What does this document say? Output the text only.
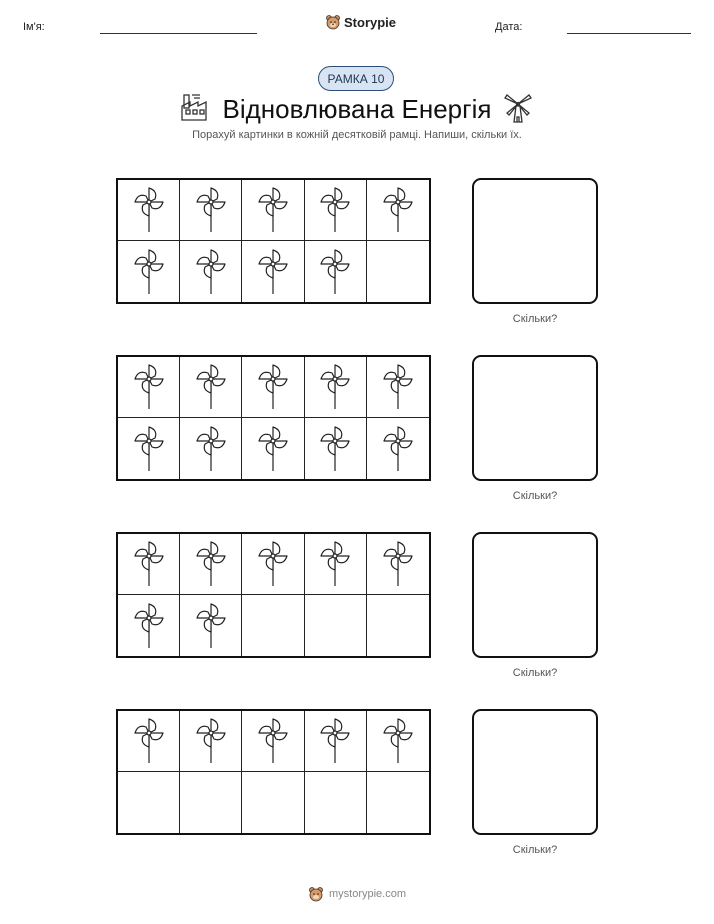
Ім'я:	Storypie	Дата:
РАМКА 10
Відновлювана Енергія
Порахуй картинки в кожній десятковій рамці. Напиши, скільки їх.
Скільки?
Скільки?
Скільки?
Скільки?
mystorypie.com
